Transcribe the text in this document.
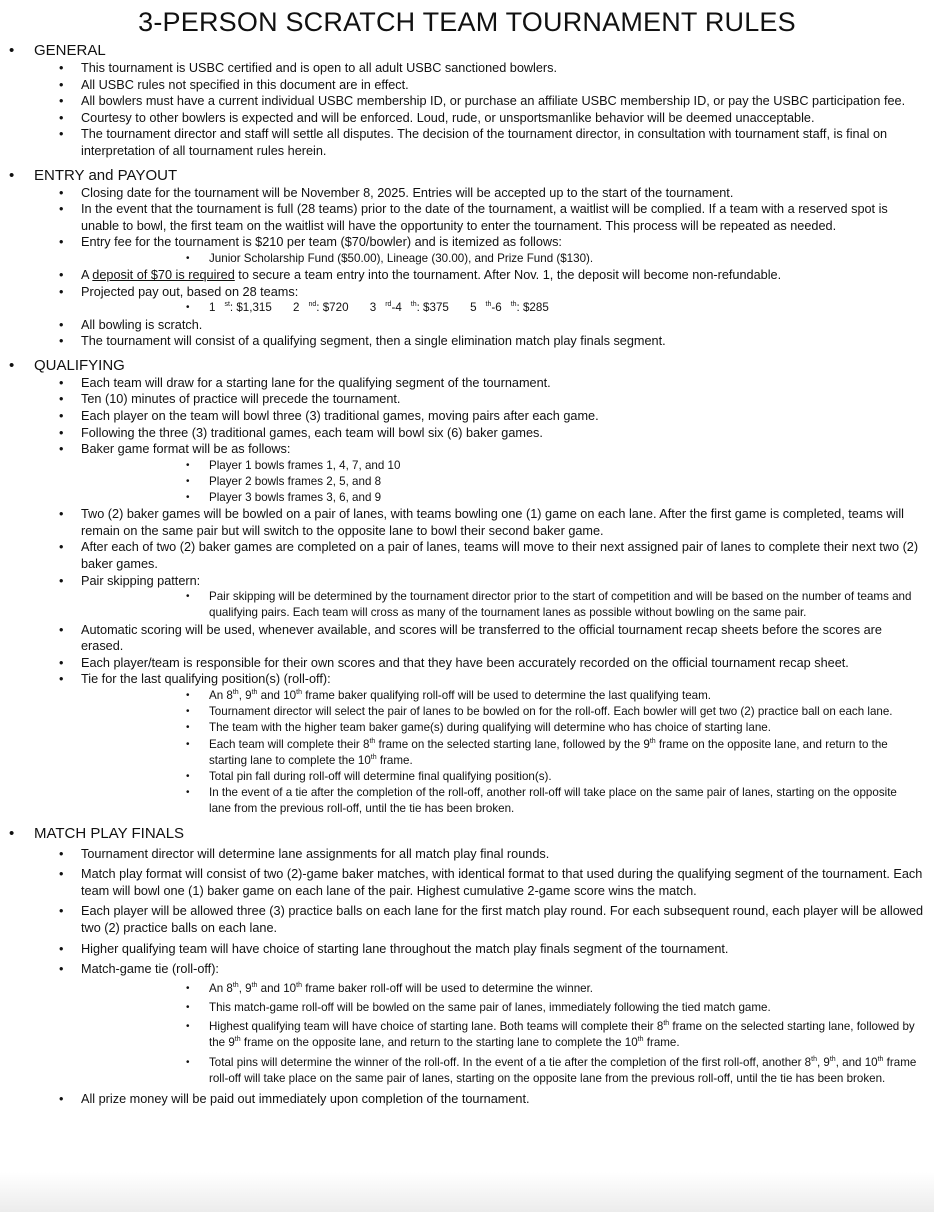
3-PERSON SCRATCH TEAM TOURNAMENT RULES
• GENERAL
• This tournament is USBC certified and is open to all adult USBC sanctioned bowlers.
• All USBC rules not specified in this document are in effect.
• All bowlers must have a current individual USBC membership ID, or purchase an affiliate USBC membership ID, or pay the USBC participation fee.
• Courtesy to other bowlers is expected and will be enforced. Loud, rude, or unsportsmanlike behavior will be deemed unacceptable.
• The tournament director and staff will settle all disputes. The decision of the tournament director, in consultation with tournament staff, is final on interpretation of all tournament rules herein.
• ENTRY and PAYOUT
• Closing date for the tournament will be November 8, 2025. Entries will be accepted up to the start of the tournament.
• In the event that the tournament is full (28 teams) prior to the date of the tournament, a waitlist will be complied. If a team with a reserved spot is unable to bowl, the first team on the waitlist will have the opportunity to enter the tournament. This process will be repeated as needed.
• Entry fee for the tournament is $210 per team ($70/bowler) and is itemized as follows:
• Junior Scholarship Fund ($50.00), Lineage (30.00), and Prize Fund ($130).
• A deposit of $70 is required to secure a team entry into the tournament. After Nov. 1, the deposit will become non-refundable.
• Projected pay out, based on 28 teams:
• 1 $^{st}$: $1,315 2 $^{nd}$: $720 3 $^{rd}$-4 $^{th}$: $375 5 $^{th}$-6 $^{th}$: $285
• All bowling is scratch.
• The tournament will consist of a qualifying segment, then a single elimination match play finals segment.
• QUALIFYING
• Each team will draw for a starting lane for the qualifying segment of the tournament.
• Ten (10) minutes of practice will precede the tournament.
• Each player on the team will bowl three (3) traditional games, moving pairs after each game.
• Following the three (3) traditional games, each team will bowl six (6) baker games.
• Baker game format will be as follows:
• Player 1 bowls frames 1, 4, 7, and 10
• Player 2 bowls frames 2, 5, and 8
• Player 3 bowls frames 3, 6, and 9
• Two (2) baker games will be bowled on a pair of lanes, with teams bowling one (1) game on each lane. After the first game is completed, teams will remain on the same pair but will switch to the opposite lane to bowl their second baker game.
• After each of two (2) baker games are completed on a pair of lanes, teams will move to their next assigned pair of lanes to complete their next two (2) baker games.
• Pair skipping pattern:
• Pair skipping will be determined by the tournament director prior to the start of competition and will be based on the number of teams and qualifying pairs. Each team will cross as many of the tournament lanes as possible without bowling on the same pair.
• Automatic scoring will be used, whenever available, and scores will be transferred to the official tournament recap sheets before the scores are erased.
• Each player/team is responsible for their own scores and that they have been accurately recorded on the official tournament recap sheet.
• Tie for the last qualifying position(s) (roll-off):
• An 8th, 9th and 10th frame baker qualifying roll-off will be used to determine the last qualifying team.
• Tournament director will select the pair of lanes to be bowled on for the roll-off. Each bowler will get two (2) practice ball on each lane.
• The team with the higher team baker game(s) during qualifying will determine who has choice of starting lane.
• Each team will complete their 8th frame on the selected starting lane, followed by the 9th frame on the opposite lane, and return to the starting lane to complete the 10th frame.
• Total pin fall during roll-off will determine final qualifying position(s).
• In the event of a tie after the completion of the roll-off, another roll-off will take place on the same pair of lanes, starting on the opposite lane from the previous roll-off, until the tie has been broken.
• MATCH PLAY FINALS
• Tournament director will determine lane assignments for all match play final rounds.
• Match play format will consist of two (2)-game baker matches, with identical format to that used during the qualifying segment of the tournament. Each team will bowl one (1) baker game on each lane of the pair. Highest cumulative 2-game score wins the match.
• Each player will be allowed three (3) practice balls on each lane for the first match play round. For each subsequent round, each player will be allowed two (2) practice balls on each lane.
• Higher qualifying team will have choice of starting lane throughout the match play finals segment of the tournament.
• Match-game tie (roll-off):
• An 8th, 9th and 10th frame baker roll-off will be used to determine the winner.
• This match-game roll-off will be bowled on the same pair of lanes, immediately following the tied match game.
• Highest qualifying team will have choice of starting lane. Both teams will complete their 8th frame on the selected starting lane, followed by the 9th frame on the opposite lane, and return to the starting lane to complete the 10th frame.
• Total pins will determine the winner of the roll-off. In the event of a tie after the completion of the first roll-off, another 8th, 9th, and 10th frame roll-off will take place on the same pair of lanes, starting on the opposite lane from the previous roll-off, until the tie has been broken.
• All prize money will be paid out immediately upon completion of the tournament.
